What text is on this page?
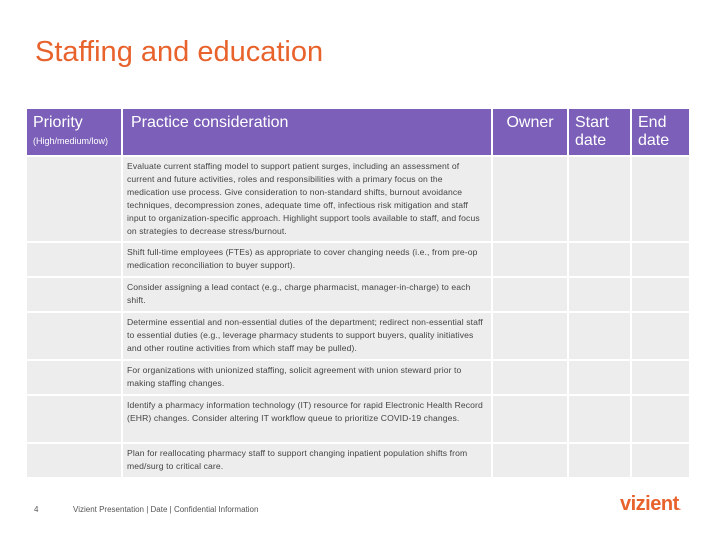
Staffing and education
Priority
(High/medium/low)	Practice consideration	Owner	Start date	End date
	Evaluate current staffing model to support patient surges, including an assessment of current and future activities, roles and responsibilities with a primary focus on the medication use process. Give consideration to non-standard shifts, burnout avoidance techniques, decompression zones, adequate time off, infectious risk mitigation and staff input to organization-specific approach. Highlight support tools available to staff, and focus on strategies to decrease stress/burnout.			
	Shift full-time employees (FTEs) as appropriate to cover changing needs (i.e., from pre-op medication reconciliation to buyer support).			
	Consider assigning a lead contact (e.g., charge pharmacist, manager-in-charge) to each shift.			
	Determine essential and non-essential duties of the department; redirect non-essential staff to essential duties (e.g., leverage pharmacy students to support buyers, quality initiatives and other routine activities from which staff may be pulled).			
	For organizations with unionized staffing, solicit agreement with union steward prior to making staffing changes.			
	Identify a pharmacy information technology (IT) resource for rapid Electronic Health Record (EHR) changes. Consider altering IT workflow queue to prioritize COVID-19 changes.			
	Plan for reallocating pharmacy staff to support changing inpatient population shifts from med/surg to critical care.			
4	Vizient Presentation | Date | Confidential Information	vizient.
